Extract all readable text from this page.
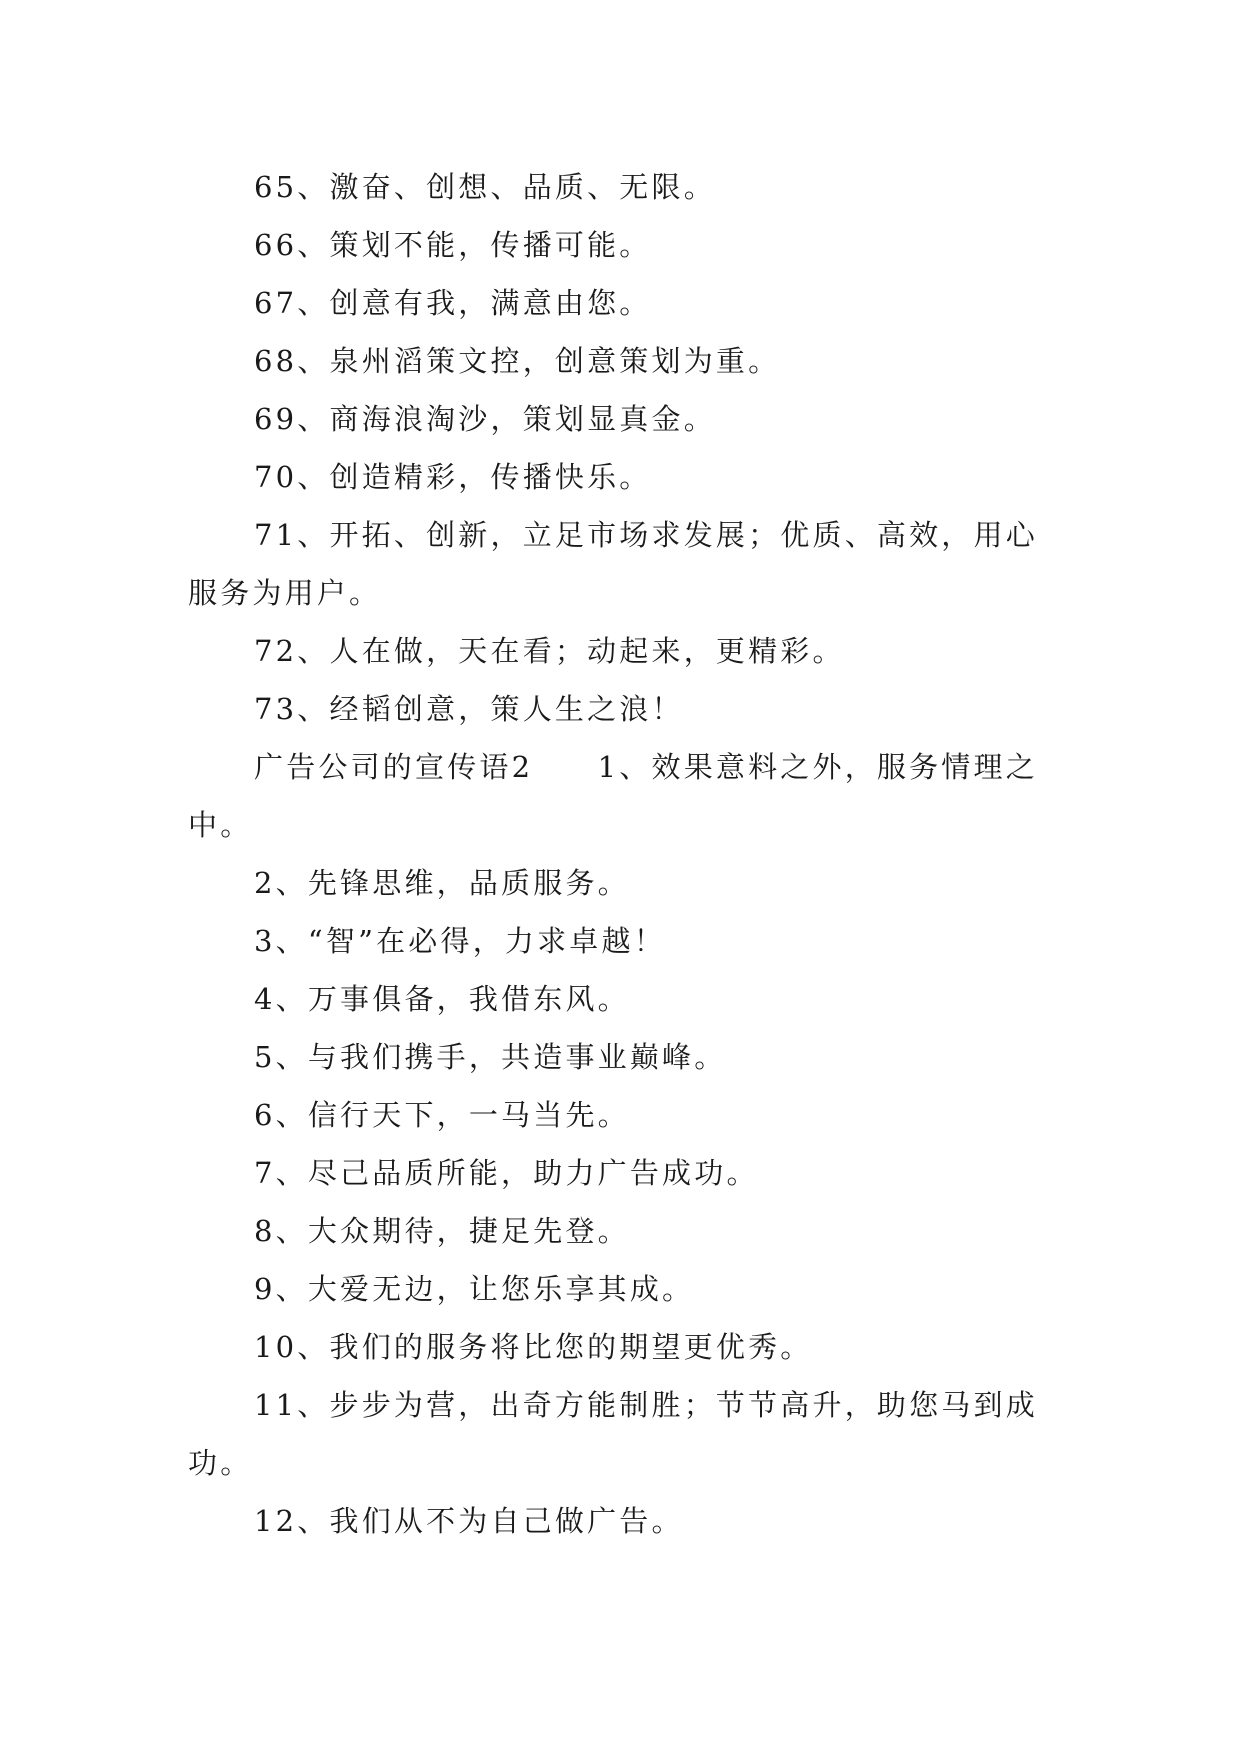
65、激奋、创想、品质、无限。

66、策划不能，传播可能。

67、创意有我，满意由您。

68、泉州滔策文控，创意策划为重。

69、商海浪淘沙，策划显真金。

70、创造精彩，传播快乐。

71、开拓、创新，立足市场求发展；优质、高效，用心服务为用户。

72、人在做，天在看；动起来，更精彩。

73、经韬创意，策人生之浪！

广告公司的宣传语2　　1、效果意料之外，服务情理之中。

2、先锋思维，品质服务。

3、“智”在必得，力求卓越！

4、万事俱备，我借东风。

5、与我们携手，共造事业巅峰。

6、信行天下，一马当先。

7、尽己品质所能，助力广告成功。

8、大众期待，捷足先登。

9、大爱无边，让您乐享其成。

10、我们的服务将比您的期望更优秀。

11、步步为营，出奇方能制胜；节节高升，助您马到成功。

12、我们从不为自己做广告。
